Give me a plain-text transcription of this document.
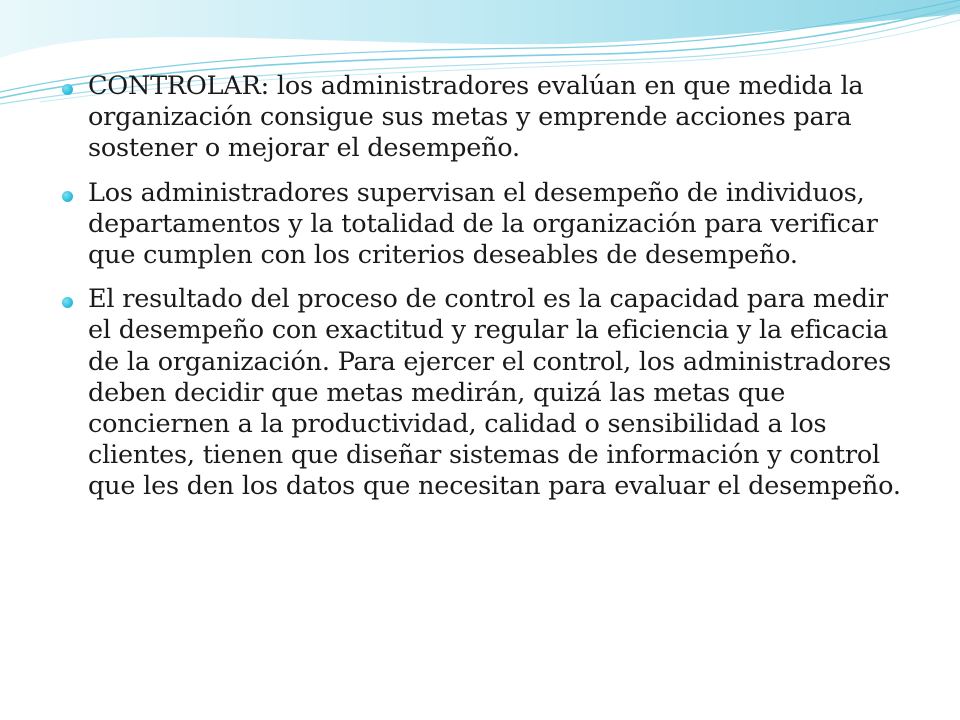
CONTROLAR: los administradores evalúan en que medida la organización consigue sus metas y emprende acciones para sostener o mejorar el desempeño.
Los administradores supervisan el desempeño de individuos, departamentos y la totalidad de la organización para verificar que cumplen con los criterios deseables de desempeño.
El resultado del proceso de control es la capacidad para medir el desempeño con exactitud y regular la eficiencia y la eficacia de la organización. Para ejercer el control, los administradores deben decidir que metas medirán, quizá las metas que conciernen a la productividad, calidad o sensibilidad a los clientes, tienen que diseñar sistemas de información y control que les den los datos que necesitan para evaluar el desempeño.
